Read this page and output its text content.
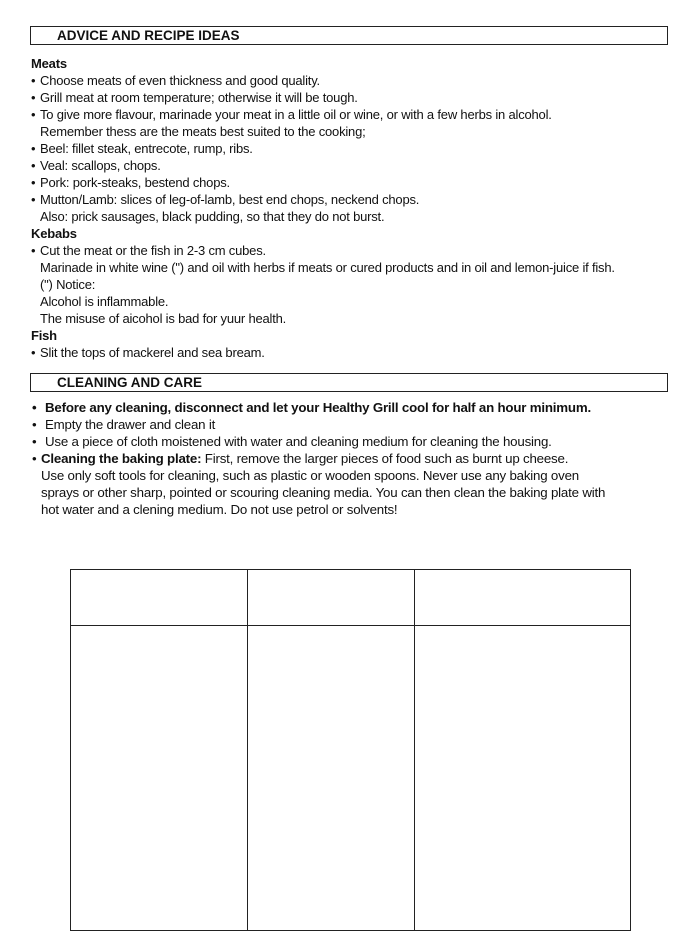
ADVICE AND RECIPE IDEAS
Meats
• Choose meats of even thickness and good quality.
• Grill meat at room temperature; otherwise it will be tough.
• To give more flavour, marinade your meat in a little oil or wine, or with a few herbs in alcohol.
Remember thess are the meats best suited to the cooking;
• Beel: fillet steak, entrecote, rump, ribs.
• Veal: scallops, chops.
• Pork: pork-steaks, bestend chops.
• Mutton/Lamb: slices of leg-of-lamb, best end chops, neckend chops.
Also: prick sausages, black pudding, so that they do not burst.
Kebabs
• Cut the meat or the fish in 2-3 cm cubes.
Marinade in white wine (") and oil with herbs if meats or cured products and in oil and lemon-juice if fish.
(") Notice:
Alcohol is inflammable.
The misuse of aicohol is bad for yuur health.
Fish
• Slit the tops of mackerel and sea bream.
CLEANING AND CARE
• Before any cleaning, disconnect and let your Healthy Grill cool for half an hour minimum.
• Empty the drawer and clean it
• Use a piece of cloth moistened with water and cleaning medium for cleaning the housing.
• Cleaning the baking plate: First, remove the larger pieces of food such as burnt up cheese.
Use only soft tools for cleaning, such as plastic or wooden spoons. Never use any baking oven
sprays or other sharp, pointed or scouring cleaning media. You can then clean the baking plate with
hot water and a clening medium. Do not use petrol or solvents!
